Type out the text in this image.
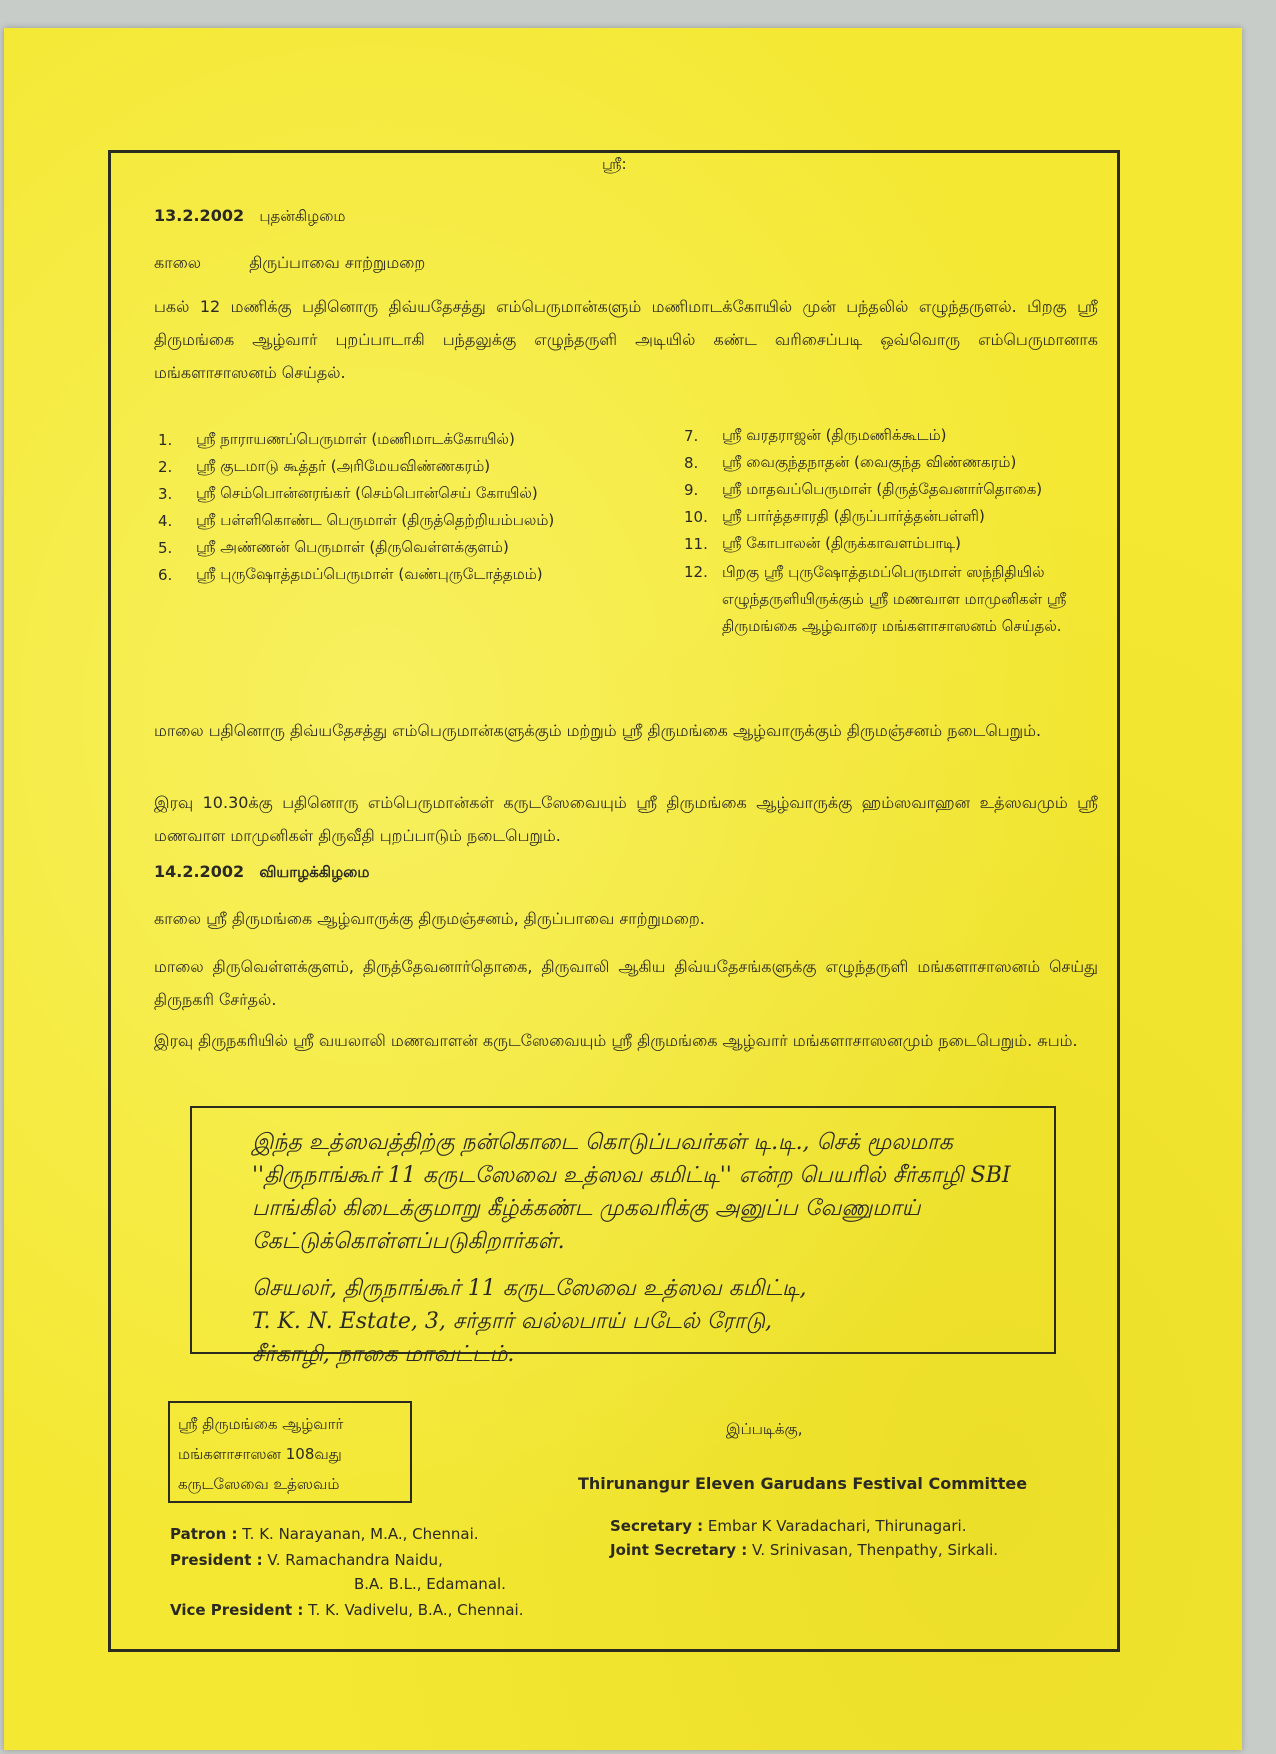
ஸ்ரீ:
13.2.2002 புதன்கிழமை
காலை	திருப்பாவை சாற்றுமறை
பகல் 12 மணிக்கு பதினொரு திவ்யதேசத்து எம்பெருமான்களும் மணிமாடக்கோயில் முன் பந்தலில் எழுந்தருளல். பிறகு ஸ்ரீ திருமங்கை ஆழ்வார் புறப்பாடாகி பந்தலுக்கு எழுந்தருளி அடியில் கண்ட வரிசைப்படி ஒவ்வொரு எம்பெருமானாக மங்களாசாஸனம் செய்தல்.
1.	ஸ்ரீ நாராயணப்பெருமாள் (மணிமாடக்கோயில்)
2.	ஸ்ரீ குடமாடு கூத்தர் (அரிமேயவிண்ணகரம்)
3.	ஸ்ரீ செம்பொன்னரங்கர் (செம்பொன்செய் கோயில்)
4.	ஸ்ரீ பள்ளிகொண்ட பெருமாள் (திருத்தெற்றியம்பலம்)
5.	ஸ்ரீ அண்ணன் பெருமாள் (திருவெள்ளக்குளம்)
6.	ஸ்ரீ புருஷோத்தமப்பெருமாள் (வண்புருடோத்தமம்)
7.	ஸ்ரீ வரதராஜன் (திருமணிக்கூடம்)
8.	ஸ்ரீ வைகுந்தநாதன் (வைகுந்த விண்ணகரம்)
9.	ஸ்ரீ மாதவப்பெருமாள் (திருத்தேவனார்தொகை)
10. ஸ்ரீ பார்த்தசாரதி (திருப்பார்த்தன்பள்ளி)
11. ஸ்ரீ கோபாலன் (திருக்காவளம்பாடி)
12. பிறகு ஸ்ரீ புருஷோத்தமப்பெருமாள் ஸந்நிதியில் எழுந்தருளியிருக்கும் ஸ்ரீ மணவாள மாமுனிகள் ஸ்ரீ திருமங்கை ஆழ்வாரை மங்களாசாஸனம் செய்தல்.
மாலை பதினொரு திவ்யதேசத்து எம்பெருமான்களுக்கும் மற்றும் ஸ்ரீ திருமங்கை ஆழ்வாருக்கும் திருமஞ்சனம் நடைபெறும்.
இரவு 10.30க்கு பதினொரு எம்பெருமான்கள் கருடஸேவையும் ஸ்ரீ திருமங்கை ஆழ்வாருக்கு ஹம்ஸவாஹன உத்ஸவமும் ஸ்ரீ மணவாள மாமுனிகள் திருவீதி புறப்பாடும் நடைபெறும்.
14.2.2002 வியாழக்கிழமை
காலை ஸ்ரீ திருமங்கை ஆழ்வாருக்கு திருமஞ்சனம், திருப்பாவை சாற்றுமறை.
மாலை திருவெள்ளக்குளம், திருத்தேவனார்தொகை, திருவாலி ஆகிய திவ்யதேசங்களுக்கு எழுந்தருளி மங்களாசாஸனம் செய்து திருநகரி சேர்தல்.
இரவு திருநகரியில் ஸ்ரீ வயலாலி மணவாளன் கருடஸேவையும் ஸ்ரீ திருமங்கை ஆழ்வார் மங்களாசாஸனமும் நடைபெறும். சுபம்.
இந்த உத்ஸவத்திற்கு நன்கொடை கொடுப்பவர்கள் டி.டி., செக் மூலமாக ''திருநாங்கூர் 11 கருடஸேவை உத்ஸவ கமிட்டி'' என்ற பெயரில் சீர்காழி SBI பாங்கில் கிடைக்குமாறு கீழ்க்கண்ட முகவரிக்கு அனுப்ப வேணுமாய் கேட்டுக்கொள்ளப்படுகிறார்கள்.
செயலர், திருநாங்கூர் 11 கருடஸேவை உத்ஸவ கமிட்டி,
T. K. N. Estate, 3, சர்தார் வல்லபாய் படேல் ரோடு,
சீர்காழி, நாகை மாவட்டம்.
ஸ்ரீ திருமங்கை ஆழ்வார்
மங்களாசாஸன 108வது
கருடஸேவை உத்ஸவம்
இப்படிக்கு,
Thirunangur Eleven Garudans Festival Committee
Patron : T. K. Narayanan, M.A., Chennai.
President : V. Ramachandra Naidu,
B.A. B.L., Edamanal.
Vice President : T. K. Vadivelu, B.A., Chennai.
Secretary : Embar K Varadachari, Thirunagari.
Joint Secretary : V. Srinivasan, Thenpathy, Sirkali.
